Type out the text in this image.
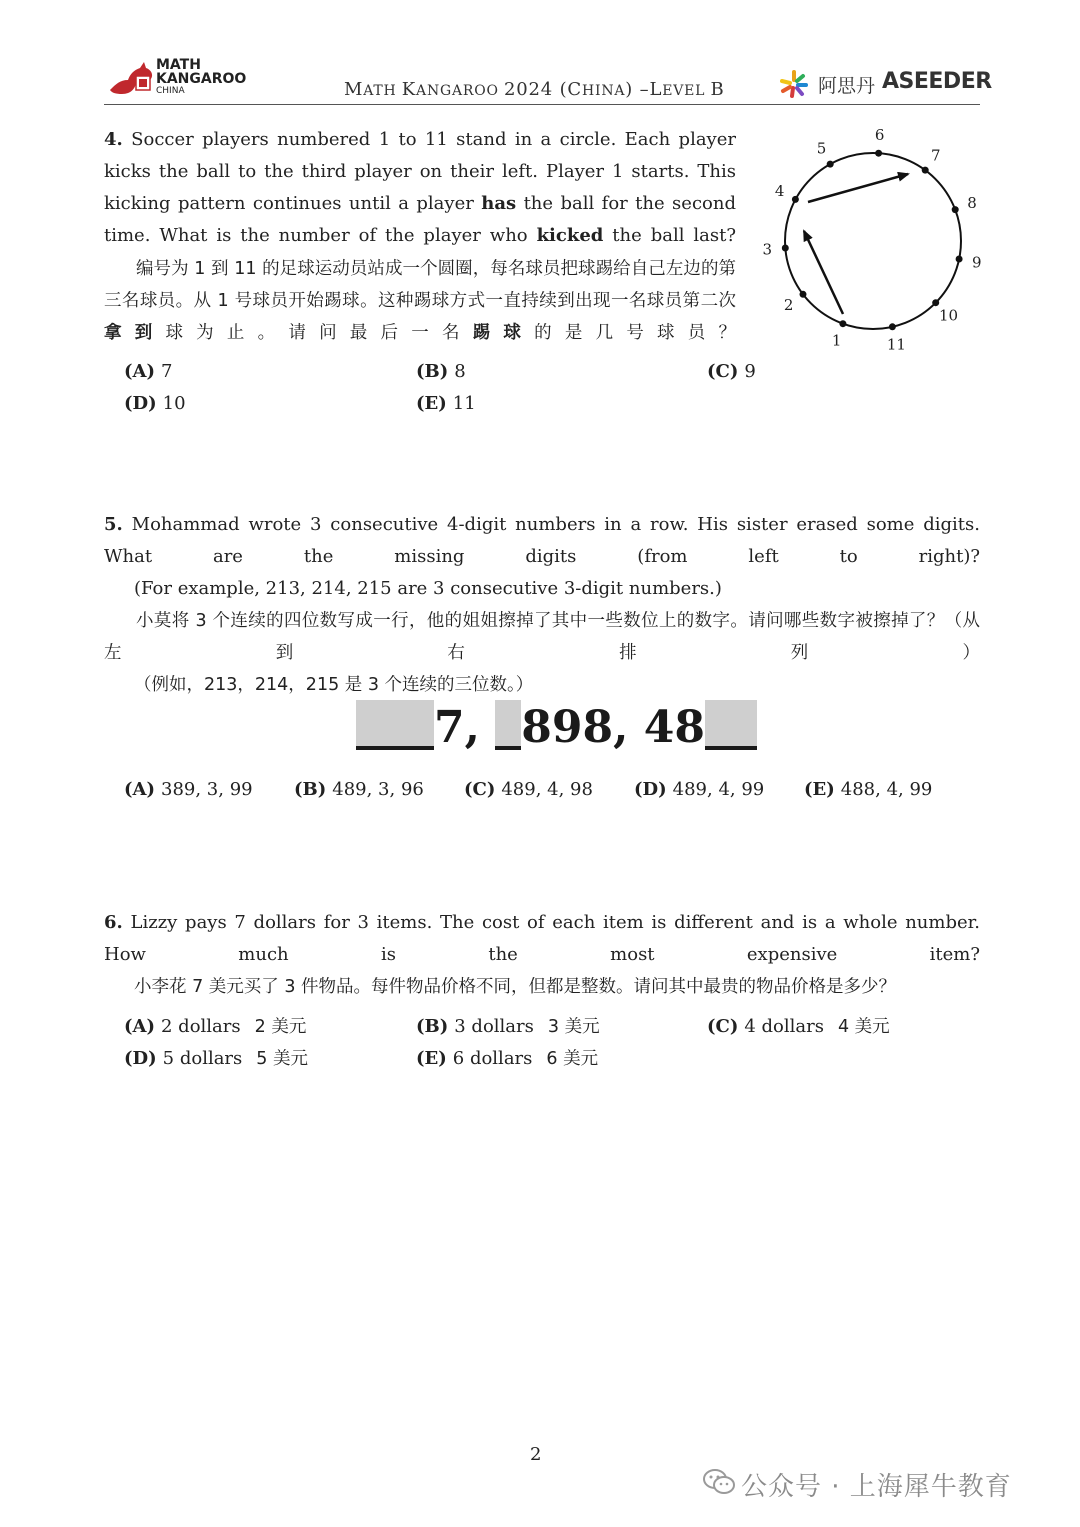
MATH
KANGAROO
CHINA	MATH KANGAROO 2024 (CHINA) –LEVEL B	阿思丹 ASEEDER
4. Soccer players numbered 1 to 11 stand in a circle. Each player kicks the ball to the third player on their left. Player 1 starts. This kicking pattern continues until a player has the ball for the second time. What is the number of the player who kicked the ball last?
编号为 1 到 11 的足球运动员站成一个圆圈，每名球员把球踢给自己左边的第三名球员。从 1 号球员开始踢球。这种踢球方式一直持续到出现一名球员第二次拿到球为止。请问最后一名踢球的是几号球员？
(A) 7	(B) 8	(C) 9
(D) 10	(E) 11
1
2
3
4
5
6
7
8
9
10
11
5. Mohammad wrote 3 consecutive 4-digit numbers in a row. His sister erased some digits. What are the missing digits (from left to right)?
(For example, 213, 214, 215 are 3 consecutive 3-digit numbers.)
小莫将 3 个连续的四位数写成一行，他的姐姐擦掉了其中一些数位上的数字。请问哪些数字被擦掉了？（从左到右排列）
（例如，213，214，215 是 3 个连续的三位数。）
7, 898, 48
(A) 389, 3, 99 (B) 489, 3, 96 (C) 489, 4, 98 (D) 489, 4, 99 (E) 488, 4, 99
6. Lizzy pays 7 dollars for 3 items. The cost of each item is different and is a whole number. How much is the most expensive item?
小李花 7 美元买了 3 件物品。每件物品价格不同，但都是整数。请问其中最贵的物品价格是多少？
(A) 2 dollars 2 美元	(B) 3 dollars 3 美元	(C) 4 dollars 4 美元
(D) 5 dollars 5 美元	(E) 6 dollars 6 美元
2
公众号 · 上海犀牛教育
